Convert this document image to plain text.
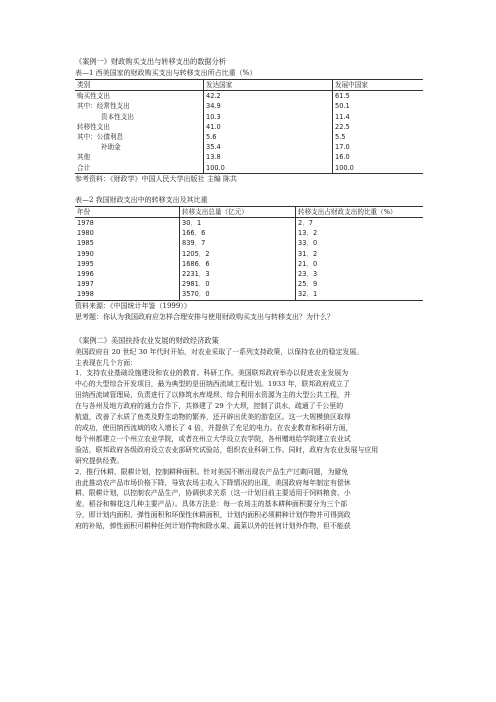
《案例一》财政购买支出与转移支出的数据分析
表—1 西美国家的财政购买支出与转移支出所占比重（%）
类别	发达国家	发展中国家
购买性支出	42.2	61.5
其中：经常性支出	34.9	50.1
资本性支出	10.3	11.4
转移性支出	41.0	22.5
其中：公债利息	5.6	5.5
补助金	35.4	17.0
其他	13.8	16.0
合计	100.0	100.0
参考资料：《财政学》中国人民大学出版社 主编 陈共
表—2 我国财政支出中的转移支出及其比重
年份	转移支出总量（亿元）	转移支出占财政支出的比重（%）
1978	30．1	2．7
1980	166．6	13．2
1985	839．7	33．0
1990	1205．2	31．2
1995	1686．6	21．0
1996	2231．3	23．3
1997	2981．0	25．9
1998	3570．0	32．1
资料来源：《中国统计年鉴（1999）》
思考题：你认为我国政府应怎样合理安排与使用财政购买支出与转移支出？为什么？
《案例二》美国扶持农业发展的财政经济政策
美国政府自 20 世纪 30 年代时开始，对农业采取了一系列支持政策，以保持农业的稳定发展。
主表现在几个方面：
1．支持农业基础设施建设和农业的教育、科研工作。美国联邦政府举办以促进农业发展为
中心的大型综合开发项目，最为典型的是田纳西流域工程计划。1933 年，联邦政府成立了
田纳西流域管理局，负责进行了以修筑水库堤坝、综合利用水资源为主的大型公共工程，并
在与各州及地方政府的通力合作下，共修建了 29 个大坝，控制了洪水，疏通了千公里的
航道，改善了水质了鱼类及野生动物的繁养，还开辟出优美的游览区。这一大规模狼区取得
的成功，使田纳西流域的收入增长了 4 倍，并提供了充足的电力。在农业教育和科研方面，
每个州都建立一个州立农业学院，或者在州立大学设立农学院，各州赠地给学院建立农业试
验站，联邦政府各级政府设立农业部研究试验站，组织农业科研工作。同时，政府为农业发展与应用
研究提供经费。
2．推行休耕、限耕计划，控制耕种面积。针对美国不断出现农产品生产过剩问题，为避免
由此推动农产品市场价格下降，导致农场主收入下降情况的出现，美国政府每年制定有偿休
耕、限耕计划，以控制农产品生产，协调供求关系（这一计划目前主要适用于饲料粮食、小
麦、稻谷和棉花这几种主要产品）。具体方法是：每一农场主的基本耕种面积要分为三个部
分，即计划内面积、弹性面积和环保性休耕面积，计划内面积必须耕种计划作物并可得到政
府的补贴，弹性面积可耕种任何计划作物和除水果、蔬菜以外的任何计划外作物，但不能获
